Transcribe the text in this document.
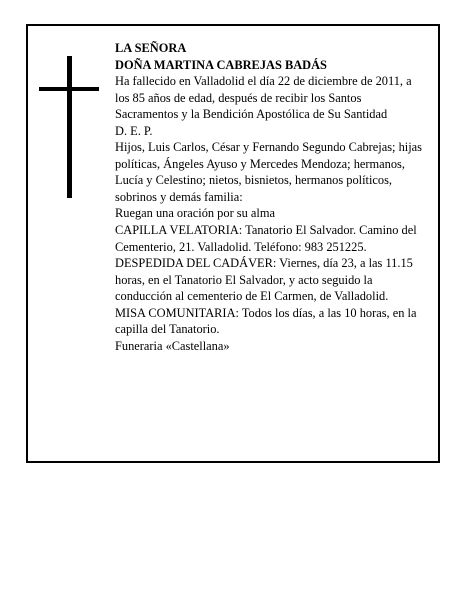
LA SEÑORA

DOÑA MARTINA CABREJAS BADÁS

Ha fallecido en Valladolid el día 22 de diciembre de 2011, a los 85 años de edad, después de recibir los Santos Sacramentos y la Bendición Apostólica de Su Santidad

D. E. P.

Hijos, Luis Carlos, César y Fernando Segundo Cabrejas; hijas políticas, Ángeles Ayuso y Mercedes Mendoza; hermanos, Lucía y Celestino; nietos, bisnietos, hermanos políticos, sobrinos y demás familia:

Ruegan una oración por su alma

CAPILLA VELATORIA: Tanatorio El Salvador. Camino del Cementerio, 21. Valladolid. Teléfono: 983 251225.

DESPEDIDA DEL CADÁVER: Viernes, día 23, a las 11.15 horas, en el Tanatorio El Salvador, y acto seguido la conducción al cementerio de El Carmen, de Valladolid.

MISA COMUNITARIA: Todos los días, a las 10 horas, en la capilla del Tanatorio.

Funeraria «Castellana»
